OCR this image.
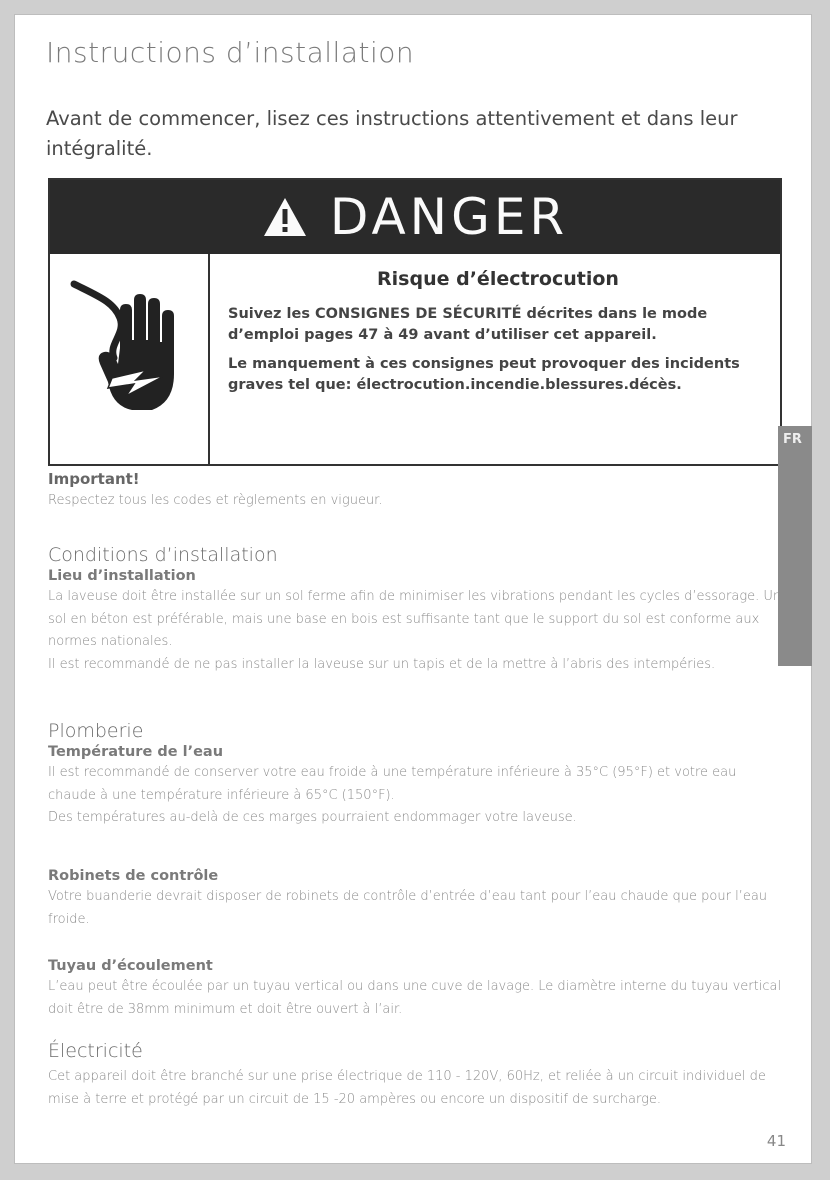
Instructions d’installation

Avant de commencer, lisez ces instructions attentivement et dans leur intégralité.

DANGER

Risque d’électrocution

Suivez les CONSIGNES DE SÉCURITÉ décrites dans le mode d’emploi pages 47 à 49 avant d’utiliser cet appareil.

Le manquement à ces consignes peut provoquer des incidents graves tel que: électrocution.incendie.blessures.décès.

FR

Important!

Respectez tous les codes et règlements en vigueur.

Conditions d’installation

Lieu d’installation

La laveuse doit être installée sur un sol ferme afin de minimiser les vibrations pendant les cycles d’essorage. Un sol en béton est préférable, mais une base en bois est suffisante tant que le support du sol est conforme aux normes nationales.

Il est recommandé de ne pas installer la laveuse sur un tapis et de la mettre à l’abris des intempéries.

Plomberie

Température de l’eau

Il est recommandé de conserver votre eau froide à une température inférieure à 35°C (95°F) et votre eau chaude à une température inférieure à 65°C (150°F).

Des températures au-delà de ces marges pourraient endommager votre laveuse.

Robinets de contrôle

Votre buanderie devrait disposer de robinets de contrôle d’entrée d’eau tant pour l’eau chaude que pour l’eau froide.

Tuyau d’écoulement

L’eau peut être écoulée par un tuyau vertical ou dans une cuve de lavage. Le diamètre interne du tuyau vertical doit être de 38mm minimum et doit être ouvert à l’air.

Électricité

Cet appareil doit être branché sur une prise électrique de 110 - 120V, 60Hz, et reliée à un circuit individuel de mise à terre et protégé par un circuit de 15 -20 ampères ou encore un dispositif de surcharge.

41
